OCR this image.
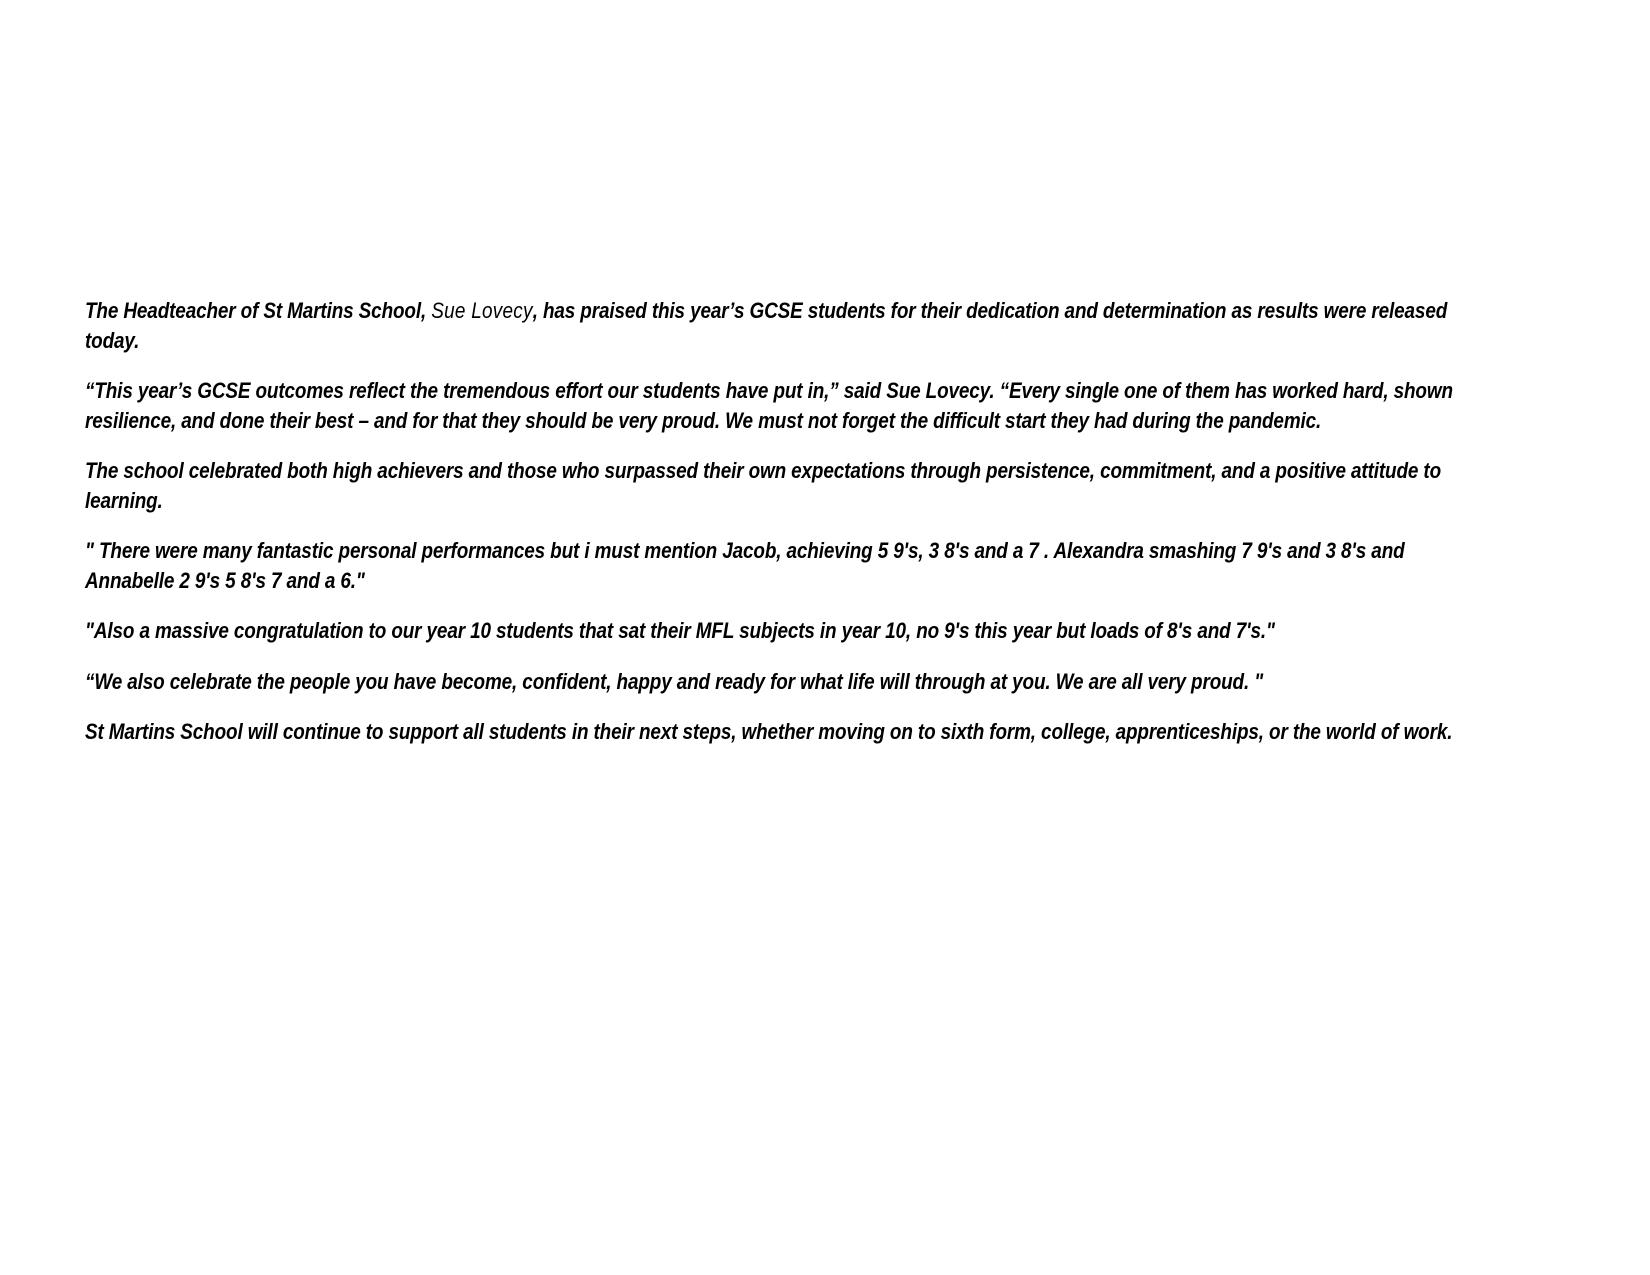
The Headteacher of St Martins School, Sue Lovecy, has praised this year’s GCSE students for their dedication and determination as results were released today.

“This year’s GCSE outcomes reflect the tremendous effort our students have put in,” said Sue Lovecy. “Every single one of them has worked hard, shown resilience, and done their best – and for that they should be very proud. We must not forget the difficult start they had during the pandemic.

The school celebrated both high achievers and those who surpassed their own expectations through persistence, commitment, and a positive attitude to learning.

" There were many fantastic personal performances but i must mention Jacob, achieving 5 9's, 3 8's and a 7 . Alexandra smashing 7 9's and 3 8's and Annabelle 2 9's 5 8's 7 and a 6."

"Also a massive congratulation to our year 10 students that sat their MFL subjects in year 10, no 9's this year but loads of 8's and 7's."

“We also celebrate the people you have become, confident, happy and ready for what life will through at you. We are all very proud. "

St Martins School will continue to support all students in their next steps, whether moving on to sixth form, college, apprenticeships, or the world of work.
